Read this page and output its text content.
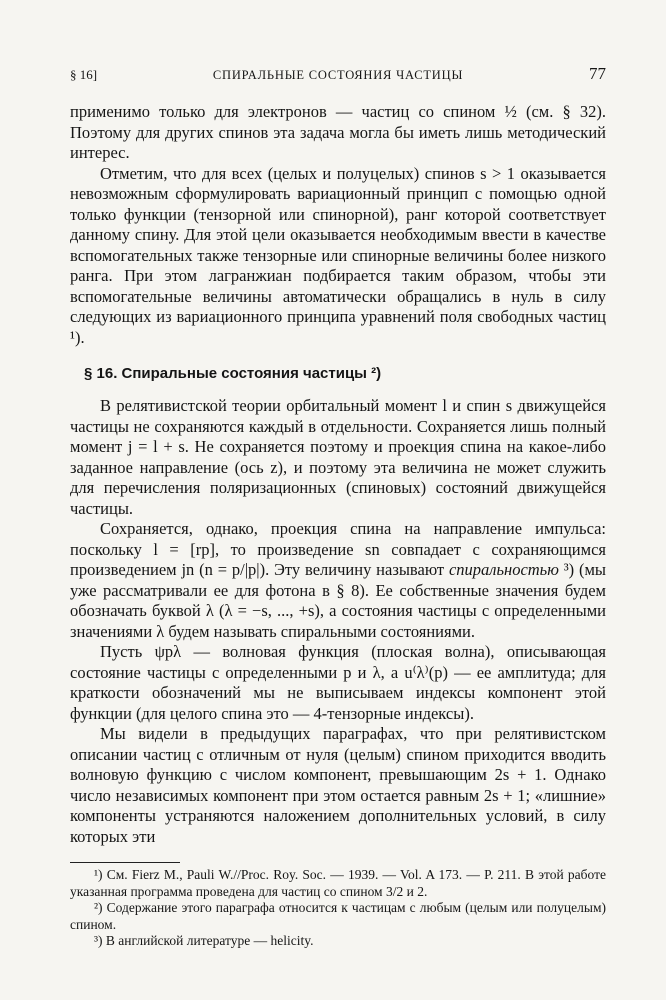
§ 16]	СПИРАЛЬНЫЕ СОСТОЯНИЯ ЧАСТИЦЫ	77

применимо только для электронов — частиц со спином ½ (см. § 32). Поэтому для других спинов эта задача могла бы иметь лишь методический интерес.

Отметим, что для всех (целых и полуцелых) спинов s > 1 оказывается невозможным сформулировать вариационный принцип с помощью одной только функции (тензорной или спинорной), ранг которой соответствует данному спину. Для этой цели оказывается необходимым ввести в качестве вспомогательных также тензорные или спинорные величины более низкого ранга. При этом лагранжиан подбирается таким образом, чтобы эти вспомогательные величины автоматически обращались в нуль в силу следующих из вариационного принципа уравнений поля свободных частиц ¹).

§ 16. Спиральные состояния частицы ²)

В релятивистской теории орбитальный момент l и спин s движущейся частицы не сохраняются каждый в отдельности. Сохраняется лишь полный момент j = l + s. Не сохраняется поэтому и проекция спина на какое-либо заданное направление (ось z), и поэтому эта величина не может служить для перечисления поляризационных (спиновых) состояний движущейся частицы.

Сохраняется, однако, проекция спина на направление импульса: поскольку l = [rp], то произведение sn совпадает с сохраняющимся произведением jn (n = p/|p|). Эту величину называют спиральностью ³) (мы уже рассматривали ее для фотона в § 8). Ее собственные значения будем обозначать буквой λ (λ = −s, ..., +s), а состояния частицы с определенными значениями λ будем называть спиральными состояниями.

Пусть ψpλ — волновая функция (плоская волна), описывающая состояние частицы с определенными p и λ, а u⁽λ⁾(p) — ее амплитуда; для краткости обозначений мы не выписываем индексы компонент этой функции (для целого спина это — 4-тензорные индексы).

Мы видели в предыдущих параграфах, что при релятивистском описании частиц с отличным от нуля (целым) спином приходится вводить волновую функцию с числом компонент, превышающим 2s + 1. Однако число независимых компонент при этом остается равным 2s + 1; «лишние» компоненты устраняются наложением дополнительных условий, в силу которых эти

¹) См. Fierz M., Pauli W.//Proc. Roy. Soc. — 1939. — Vol. A 173. — P. 211. В этой работе указанная программа проведена для частиц со спином 3/2 и 2.

²) Содержание этого параграфа относится к частицам с любым (целым или полуцелым) спином.

³) В английской литературе — helicity.
